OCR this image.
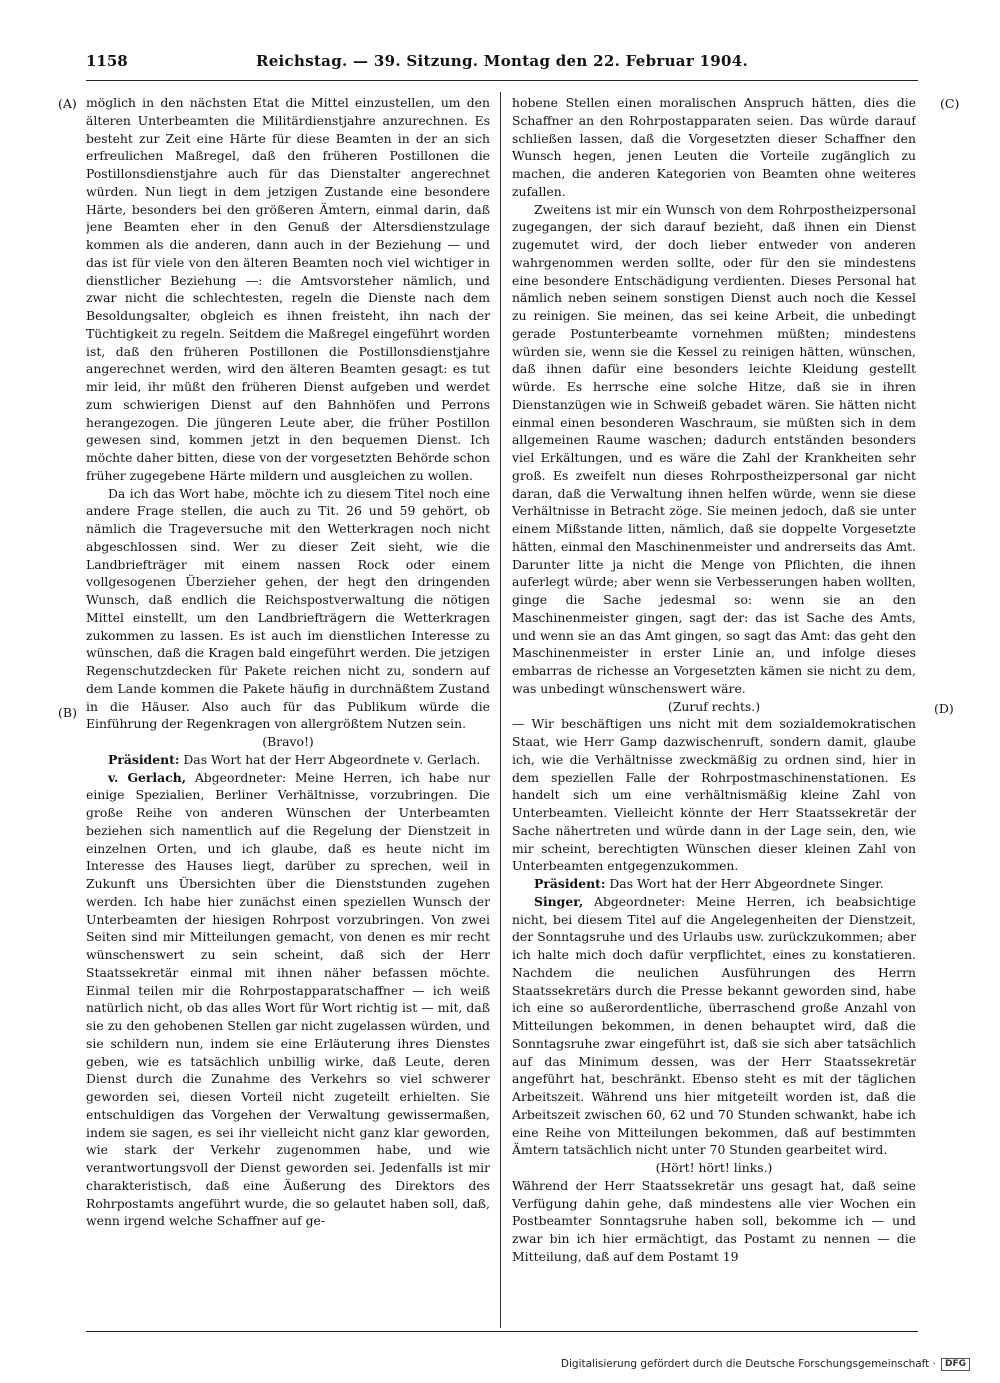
1158	Reichstag. — 39. Sitzung. Montag den 22. Februar 1904.
(A)
(B)
(C)
(D)

möglich in den nächsten Etat die Mittel einzustellen, um den älteren Unterbeamten die Militärdienstjahre anzurechnen. Es besteht zur Zeit eine Härte für diese Beamten in der an sich erfreulichen Maßregel, daß den früheren Postillonen die Postillonsdienstjahre auch für das Dienstalter angerechnet würden. Nun liegt in dem jetzigen Zustande eine besondere Härte, besonders bei den größeren Ämtern, einmal darin, daß jene Beamten eher in den Genuß der Altersdienstzulage kommen als die anderen, dann auch in der Beziehung — und das ist für viele von den älteren Beamten noch viel wichtiger in dienstlicher Beziehung —: die Amtsvorsteher nämlich, und zwar nicht die schlechtesten, regeln die Dienste nach dem Besoldungsalter, obgleich es ihnen freisteht, ihn nach der Tüchtigkeit zu regeln. Seitdem die Maßregel eingeführt worden ist, daß den früheren Postillonen die Postillonsdienstjahre angerechnet werden, wird den älteren Beamten gesagt: es tut mir leid, ihr müßt den früheren Dienst aufgeben und werdet zum schwierigen Dienst auf den Bahnhöfen und Perrons herangezogen. Die jüngeren Leute aber, die früher Postillon gewesen sind, kommen jetzt in den bequemen Dienst. Ich möchte daher bitten, diese von der vorgesetzten Behörde schon früher zugegebene Härte mildern und ausgleichen zu wollen.

Da ich das Wort habe, möchte ich zu diesem Titel noch eine andere Frage stellen, die auch zu Tit. 26 und 59 gehört, ob nämlich die Trageversuche mit den Wetterkragen noch nicht abgeschlossen sind. Wer zu dieser Zeit sieht, wie die Landbriefträger mit einem nassen Rock oder einem vollgesogenen Überzieher gehen, der hegt den dringenden Wunsch, daß endlich die Reichspostverwaltung die nötigen Mittel einstellt, um den Landbriefträgern die Wetterkragen zukommen zu lassen. Es ist auch im dienstlichen Interesse zu wünschen, daß die Kragen bald eingeführt werden. Die jetzigen Regenschutzdecken für Pakete reichen nicht zu, sondern auf dem Lande kommen die Pakete häufig in durchnäßtem Zustand in die Häuser. Also auch für das Publikum würde die Einführung der Regenkragen von allergrößtem Nutzen sein.

(Bravo!)

Präsident: Das Wort hat der Herr Abgeordnete v. Gerlach.

v. Gerlach, Abgeordneter: Meine Herren, ich habe nur einige Spezialien, Berliner Verhältnisse, vorzubringen. Die große Reihe von anderen Wünschen der Unterbeamten beziehen sich namentlich auf die Regelung der Dienstzeit in einzelnen Orten, und ich glaube, daß es heute nicht im Interesse des Hauses liegt, darüber zu sprechen, weil in Zukunft uns Übersichten über die Dienststunden zugehen werden. Ich habe hier zunächst einen speziellen Wunsch der Unterbeamten der hiesigen Rohrpost vorzubringen. Von zwei Seiten sind mir Mitteilungen gemacht, von denen es mir recht wünschenswert zu sein scheint, daß sich der Herr Staatssekretär einmal mit ihnen näher befassen möchte. Einmal teilen mir die Rohrpostapparatschaffner — ich weiß natürlich nicht, ob das alles Wort für Wort richtig ist — mit, daß sie zu den gehobenen Stellen gar nicht zugelassen würden, und sie schildern nun, indem sie eine Erläuterung ihres Dienstes geben, wie es tatsächlich unbillig wirke, daß Leute, deren Dienst durch die Zunahme des Verkehrs so viel schwerer geworden sei, diesen Vorteil nicht zugeteilt erhielten. Sie entschuldigen das Vorgehen der Verwaltung gewissermaßen, indem sie sagen, es sei ihr vielleicht nicht ganz klar geworden, wie stark der Verkehr zugenommen habe, und wie verantwortungsvoll der Dienst geworden sei. Jedenfalls ist mir charakteristisch, daß eine Äußerung des Direktors des Rohrpostamts angeführt wurde, die so gelautet haben soll, daß, wenn irgend welche Schaffner auf ge-

hobene Stellen einen moralischen Anspruch hätten, dies die Schaffner an den Rohrpostapparaten seien. Das würde darauf schließen lassen, daß die Vorgesetzten dieser Schaffner den Wunsch hegen, jenen Leuten die Vorteile zugänglich zu machen, die anderen Kategorien von Beamten ohne weiteres zufallen.

Zweitens ist mir ein Wunsch von dem Rohrpostheizpersonal zugegangen, der sich darauf bezieht, daß ihnen ein Dienst zugemutet wird, der doch lieber entweder von anderen wahrgenommen werden sollte, oder für den sie mindestens eine besondere Entschädigung verdienten. Dieses Personal hat nämlich neben seinem sonstigen Dienst auch noch die Kessel zu reinigen. Sie meinen, das sei keine Arbeit, die unbedingt gerade Postunterbeamte vornehmen müßten; mindestens würden sie, wenn sie die Kessel zu reinigen hätten, wünschen, daß ihnen dafür eine besonders leichte Kleidung gestellt würde. Es herrsche eine solche Hitze, daß sie in ihren Dienstanzügen wie in Schweiß gebadet wären. Sie hätten nicht einmal einen besonderen Waschraum, sie müßten sich in dem allgemeinen Raume waschen; dadurch entständen besonders viel Erkältungen, und es wäre die Zahl der Krankheiten sehr groß. Es zweifelt nun dieses Rohrpostheizpersonal gar nicht daran, daß die Verwaltung ihnen helfen würde, wenn sie diese Verhältnisse in Betracht zöge. Sie meinen jedoch, daß sie unter einem Mißstande litten, nämlich, daß sie doppelte Vorgesetzte hätten, einmal den Maschinenmeister und andrerseits das Amt. Darunter litte ja nicht die Menge von Pflichten, die ihnen auferlegt würde; aber wenn sie Verbesserungen haben wollten, ginge die Sache jedesmal so: wenn sie an den Maschinenmeister gingen, sagt der: das ist Sache des Amts, und wenn sie an das Amt gingen, so sagt das Amt: das geht den Maschinenmeister in erster Linie an, und infolge dieses embarras de richesse an Vorgesetzten kämen sie nicht zu dem, was unbedingt wünschenswert wäre.

(Zuruf rechts.)

— Wir beschäftigen uns nicht mit dem sozialdemokratischen Staat, wie Herr Gamp dazwischenruft, sondern damit, glaube ich, wie die Verhältnisse zweckmäßig zu ordnen sind, hier in dem speziellen Falle der Rohrpostmaschinenstationen. Es handelt sich um eine verhältnismäßig kleine Zahl von Unterbeamten. Vielleicht könnte der Herr Staatssekretär der Sache nähertreten und würde dann in der Lage sein, den, wie mir scheint, berechtigten Wünschen dieser kleinen Zahl von Unterbeamten entgegenzukommen.

Präsident: Das Wort hat der Herr Abgeordnete Singer.

Singer, Abgeordneter: Meine Herren, ich beabsichtige nicht, bei diesem Titel auf die Angelegenheiten der Dienstzeit, der Sonntagsruhe und des Urlaubs usw. zurückzukommen; aber ich halte mich doch dafür verpflichtet, eines zu konstatieren. Nachdem die neulichen Ausführungen des Herrn Staatssekretärs durch die Presse bekannt geworden sind, habe ich eine so außerordentliche, überraschend große Anzahl von Mitteilungen bekommen, in denen behauptet wird, daß die Sonntagsruhe zwar eingeführt ist, daß sie sich aber tatsächlich auf das Minimum dessen, was der Herr Staatssekretär angeführt hat, beschränkt. Ebenso steht es mit der täglichen Arbeitszeit. Während uns hier mitgeteilt worden ist, daß die Arbeitszeit zwischen 60, 62 und 70 Stunden schwankt, habe ich eine Reihe von Mitteilungen bekommen, daß auf bestimmten Ämtern tatsächlich nicht unter 70 Stunden gearbeitet wird.

(Hört! hört! links.)

Während der Herr Staatssekretär uns gesagt hat, daß seine Verfügung dahin gehe, daß mindestens alle vier Wochen ein Postbeamter Sonntagsruhe haben soll, bekomme ich — und zwar bin ich hier ermächtigt, das Postamt zu nennen — die Mitteilung, daß auf dem Postamt 19

Digitalisierung gefördert durch die Deutsche Forschungsgemeinschaft · DFG
